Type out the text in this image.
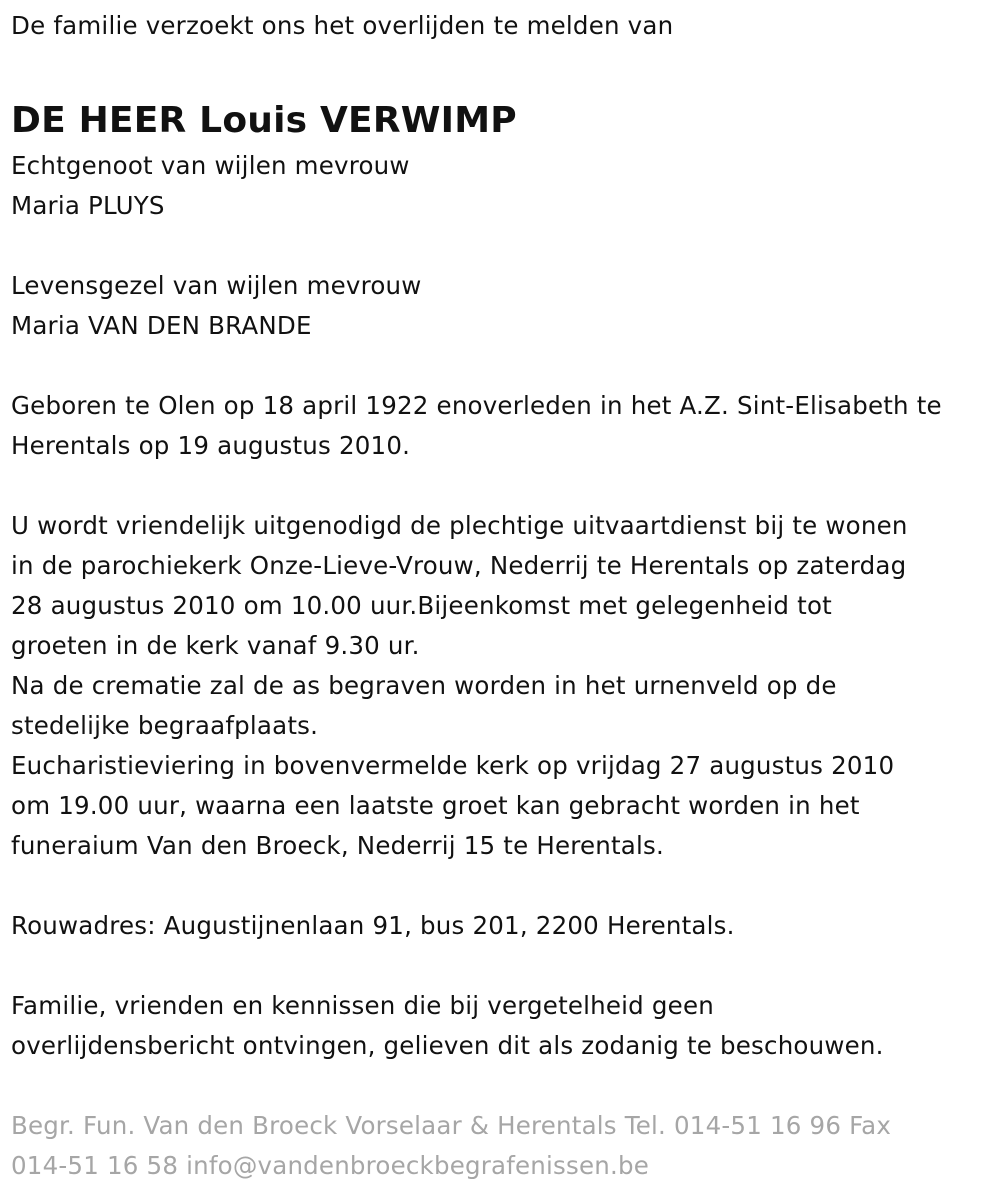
De familie verzoekt ons het overlijden te melden van
DE HEER Louis VERWIMP
Echtgenoot van wijlen mevrouw
Maria PLUYS
Levensgezel van wijlen mevrouw
Maria VAN DEN BRANDE
Geboren te Olen op 18 april 1922 enoverleden in het A.Z. Sint-Elisabeth te
Herentals op 19 augustus 2010.
U wordt vriendelijk uitgenodigd de plechtige uitvaartdienst bij te wonen
in de parochiekerk Onze-Lieve-Vrouw, Nederrij te Herentals op zaterdag
28 augustus 2010 om 10.00 uur.Bijeenkomst met gelegenheid tot
groeten in de kerk vanaf 9.30 ur.
Na de crematie zal de as begraven worden in het urnenveld op de
stedelijke begraafplaats.
Eucharistieviering in bovenvermelde kerk op vrijdag 27 augustus 2010
om 19.00 uur, waarna een laatste groet kan gebracht worden in het
funeraium Van den Broeck, Nederrij 15 te Herentals.
Rouwadres: Augustijnenlaan 91, bus 201, 2200 Herentals.
Familie, vrienden en kennissen die bij vergetelheid geen
overlijdensbericht ontvingen, gelieven dit als zodanig te beschouwen.
Begr. Fun. Van den Broeck Vorselaar & Herentals Tel. 014-51 16 96 Fax
014-51 16 58 info@vandenbroeckbegrafenissen.be
